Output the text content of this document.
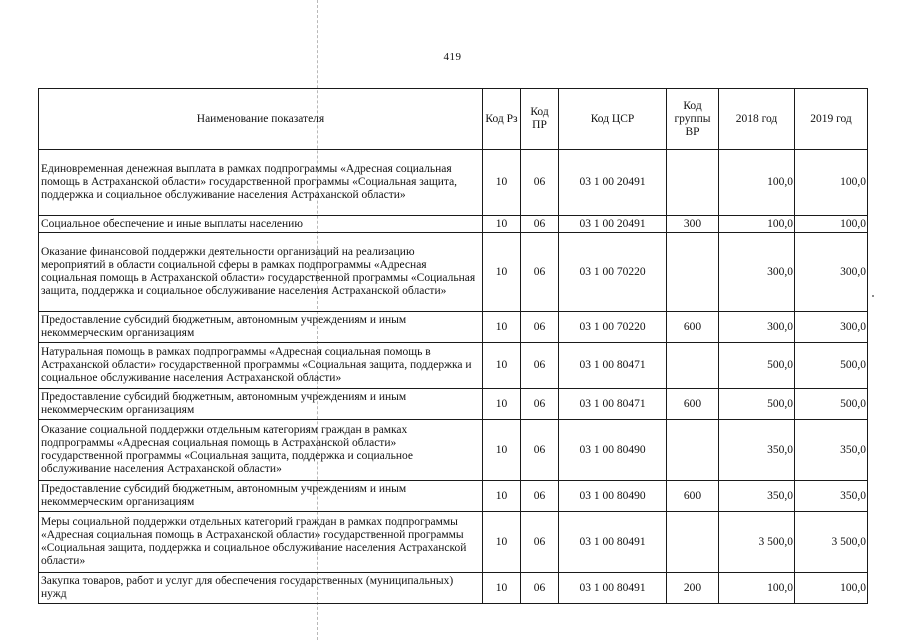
419
Наименование показателя	Код Рз	Код ПР	Код ЦСР	Код группы ВР	2018 год	2019 год

Единовременная денежная выплата в рамках подпрограммы «Адресная социальная помощь в Астраханской области» государственной программы «Социальная защита, поддержка и социальное обслуживание населения Астраханской области»	10	06	03 1 00 20491		100,0	100,0
Социальное обеспечение и иные выплаты населению	10	06	03 1 00 20491	300	100,0	100,0
Оказание финансовой поддержки деятельности организаций на реализацию мероприятий в области социальной сферы в рамках подпрограммы «Адресная социальная помощь в Астраханской области» государственной программы «Социальная защита, поддержка и социальное обслуживание населения Астраханской области»	10	06	03 1 00 70220		300,0	300,0
Предоставление субсидий бюджетным, автономным учреждениям и иным некоммерческим организациям	10	06	03 1 00 70220	600	300,0	300,0
Натуральная помощь в рамках подпрограммы «Адресная социальная помощь в Астраханской области» государственной программы «Социальная защита, поддержка и социальное обслуживание населения Астраханской области»	10	06	03 1 00 80471		500,0	500,0
Предоставление субсидий бюджетным, автономным учреждениям и иным некоммерческим организациям	10	06	03 1 00 80471	600	500,0	500,0
Оказание социальной поддержки отдельным категориям граждан в рамках подпрограммы «Адресная социальная помощь в Астраханской области» государственной программы «Социальная защита, поддержка и социальное обслуживание населения Астраханской области»	10	06	03 1 00 80490		350,0	350,0
Предоставление субсидий бюджетным, автономным учреждениям и иным некоммерческим организациям	10	06	03 1 00 80490	600	350,0	350,0
Меры социальной поддержки отдельных категорий граждан в рамках подпрограммы «Адресная социальная помощь в Астраханской области» государственной программы «Социальная защита, поддержка и социальное обслуживание населения Астраханской области»	10	06	03 1 00 80491		3 500,0	3 500,0
Закупка товаров, работ и услуг для обеспечения государственных (муниципальных) нужд	10	06	03 1 00 80491	200	100,0	100,0
